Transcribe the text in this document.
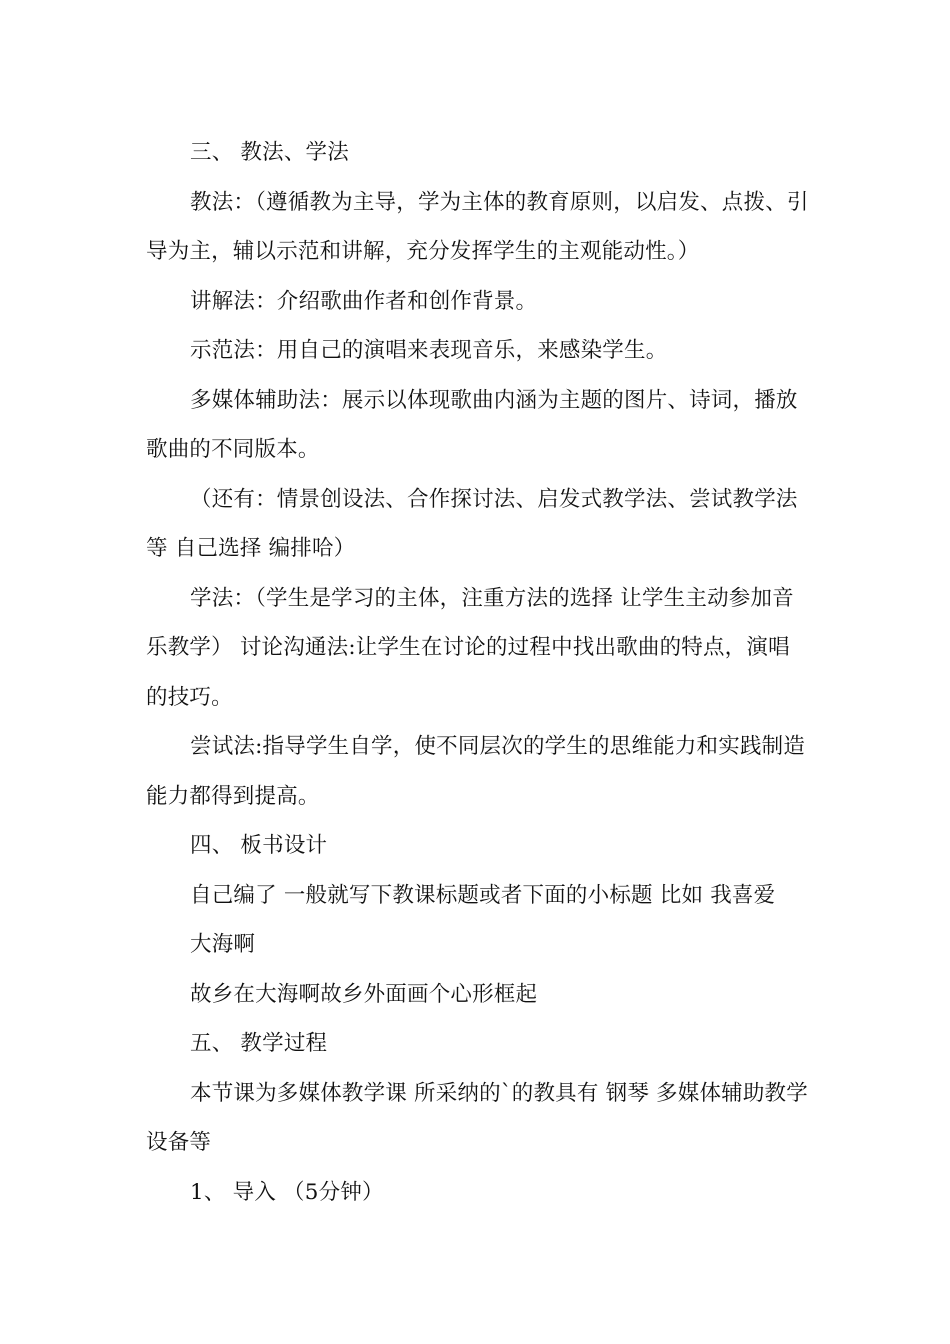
三、 教法、学法

教法：（遵循教为主导，学为主体的教育原则，以启发、点拨、引导为主，辅以示范和讲解，充分发挥学生的主观能动性。）

讲解法：介绍歌曲作者和创作背景。

示范法：用自己的演唱来表现音乐，来感染学生。

多媒体辅助法：展示以体现歌曲内涵为主题的图片、诗词，播放歌曲的不同版本。

（还有：情景创设法、合作探讨法、启发式教学法、尝试教学法等 自己选择 编排哈）

学法：（学生是学习的主体，注重方法的选择 让学生主动参加音乐教学） 讨论沟通法:让学生在讨论的过程中找出歌曲的特点，演唱的技巧。

尝试法:指导学生自学，使不同层次的学生的思维能力和实践制造能力都得到提高。

四、 板书设计

自己编了 一般就写下教课标题或者下面的小标题 比如 我喜爱

大海啊

故乡在大海啊故乡外面画个心形框起

五、 教学过程

本节课为多媒体教学课 所采纳的`的教具有 钢琴 多媒体辅助教学设备等

1、 导入 （5分钟）
